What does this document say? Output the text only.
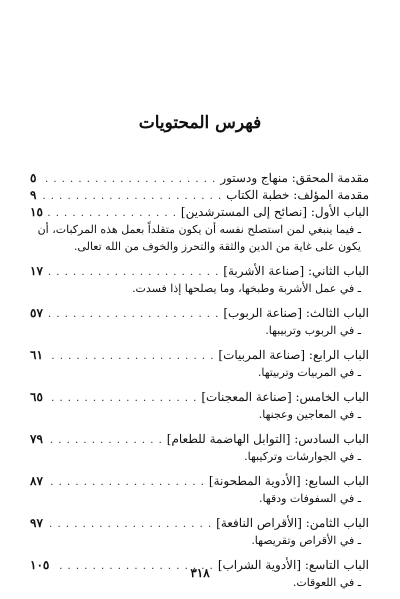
فهرس المحتويات
مقدمة المحقق: منهاج ودستور
. . .
٥
مقدمة المؤلف: خطبة الكتاب
. . .
٩
الباب الأول: [نصائح إلى المسترشدين]
. . .
١٥
ـ فيما ينبغي لمن استصلح نفسه أن يكون متقلداً بعمل هذه المركبات، أن يكون على غاية من الدين والثقة والتحرز والخوف من الله تعالى.
الباب الثاني: [صناعة الأشربة]
. . .
١٧
ـ في عمل الأشربة وطبخها، وما يصلحها إذا فسدت.
الباب الثالث: [صناعة الربوب]
. . .
٥٧
ـ في الربوب وتربيبها.
الباب الرابع: [صناعة المربيات]
. . .
٦١
ـ في المربيات وتربيتها.
الباب الخامس: [صناعة المعجنات]
. . .
٦٥
ـ في المعاجين وعجنها.
الباب السادس: [التوابل الهاضمة للطعام]
. . .
٧٩
ـ في الجوارشات وتركيبها.
الباب السابع: [الأدوية المطحونة]
. . .
٨٧
ـ في السفوفات ودقها.
الباب الثامن: [الأقراص النافعة]
. . .
٩٧
ـ في الأقراص وتقريصها.
الباب التاسع: [الأدوية الشراب]
. . .
١٠٥
ـ في اللعوقات.
٣١٨
